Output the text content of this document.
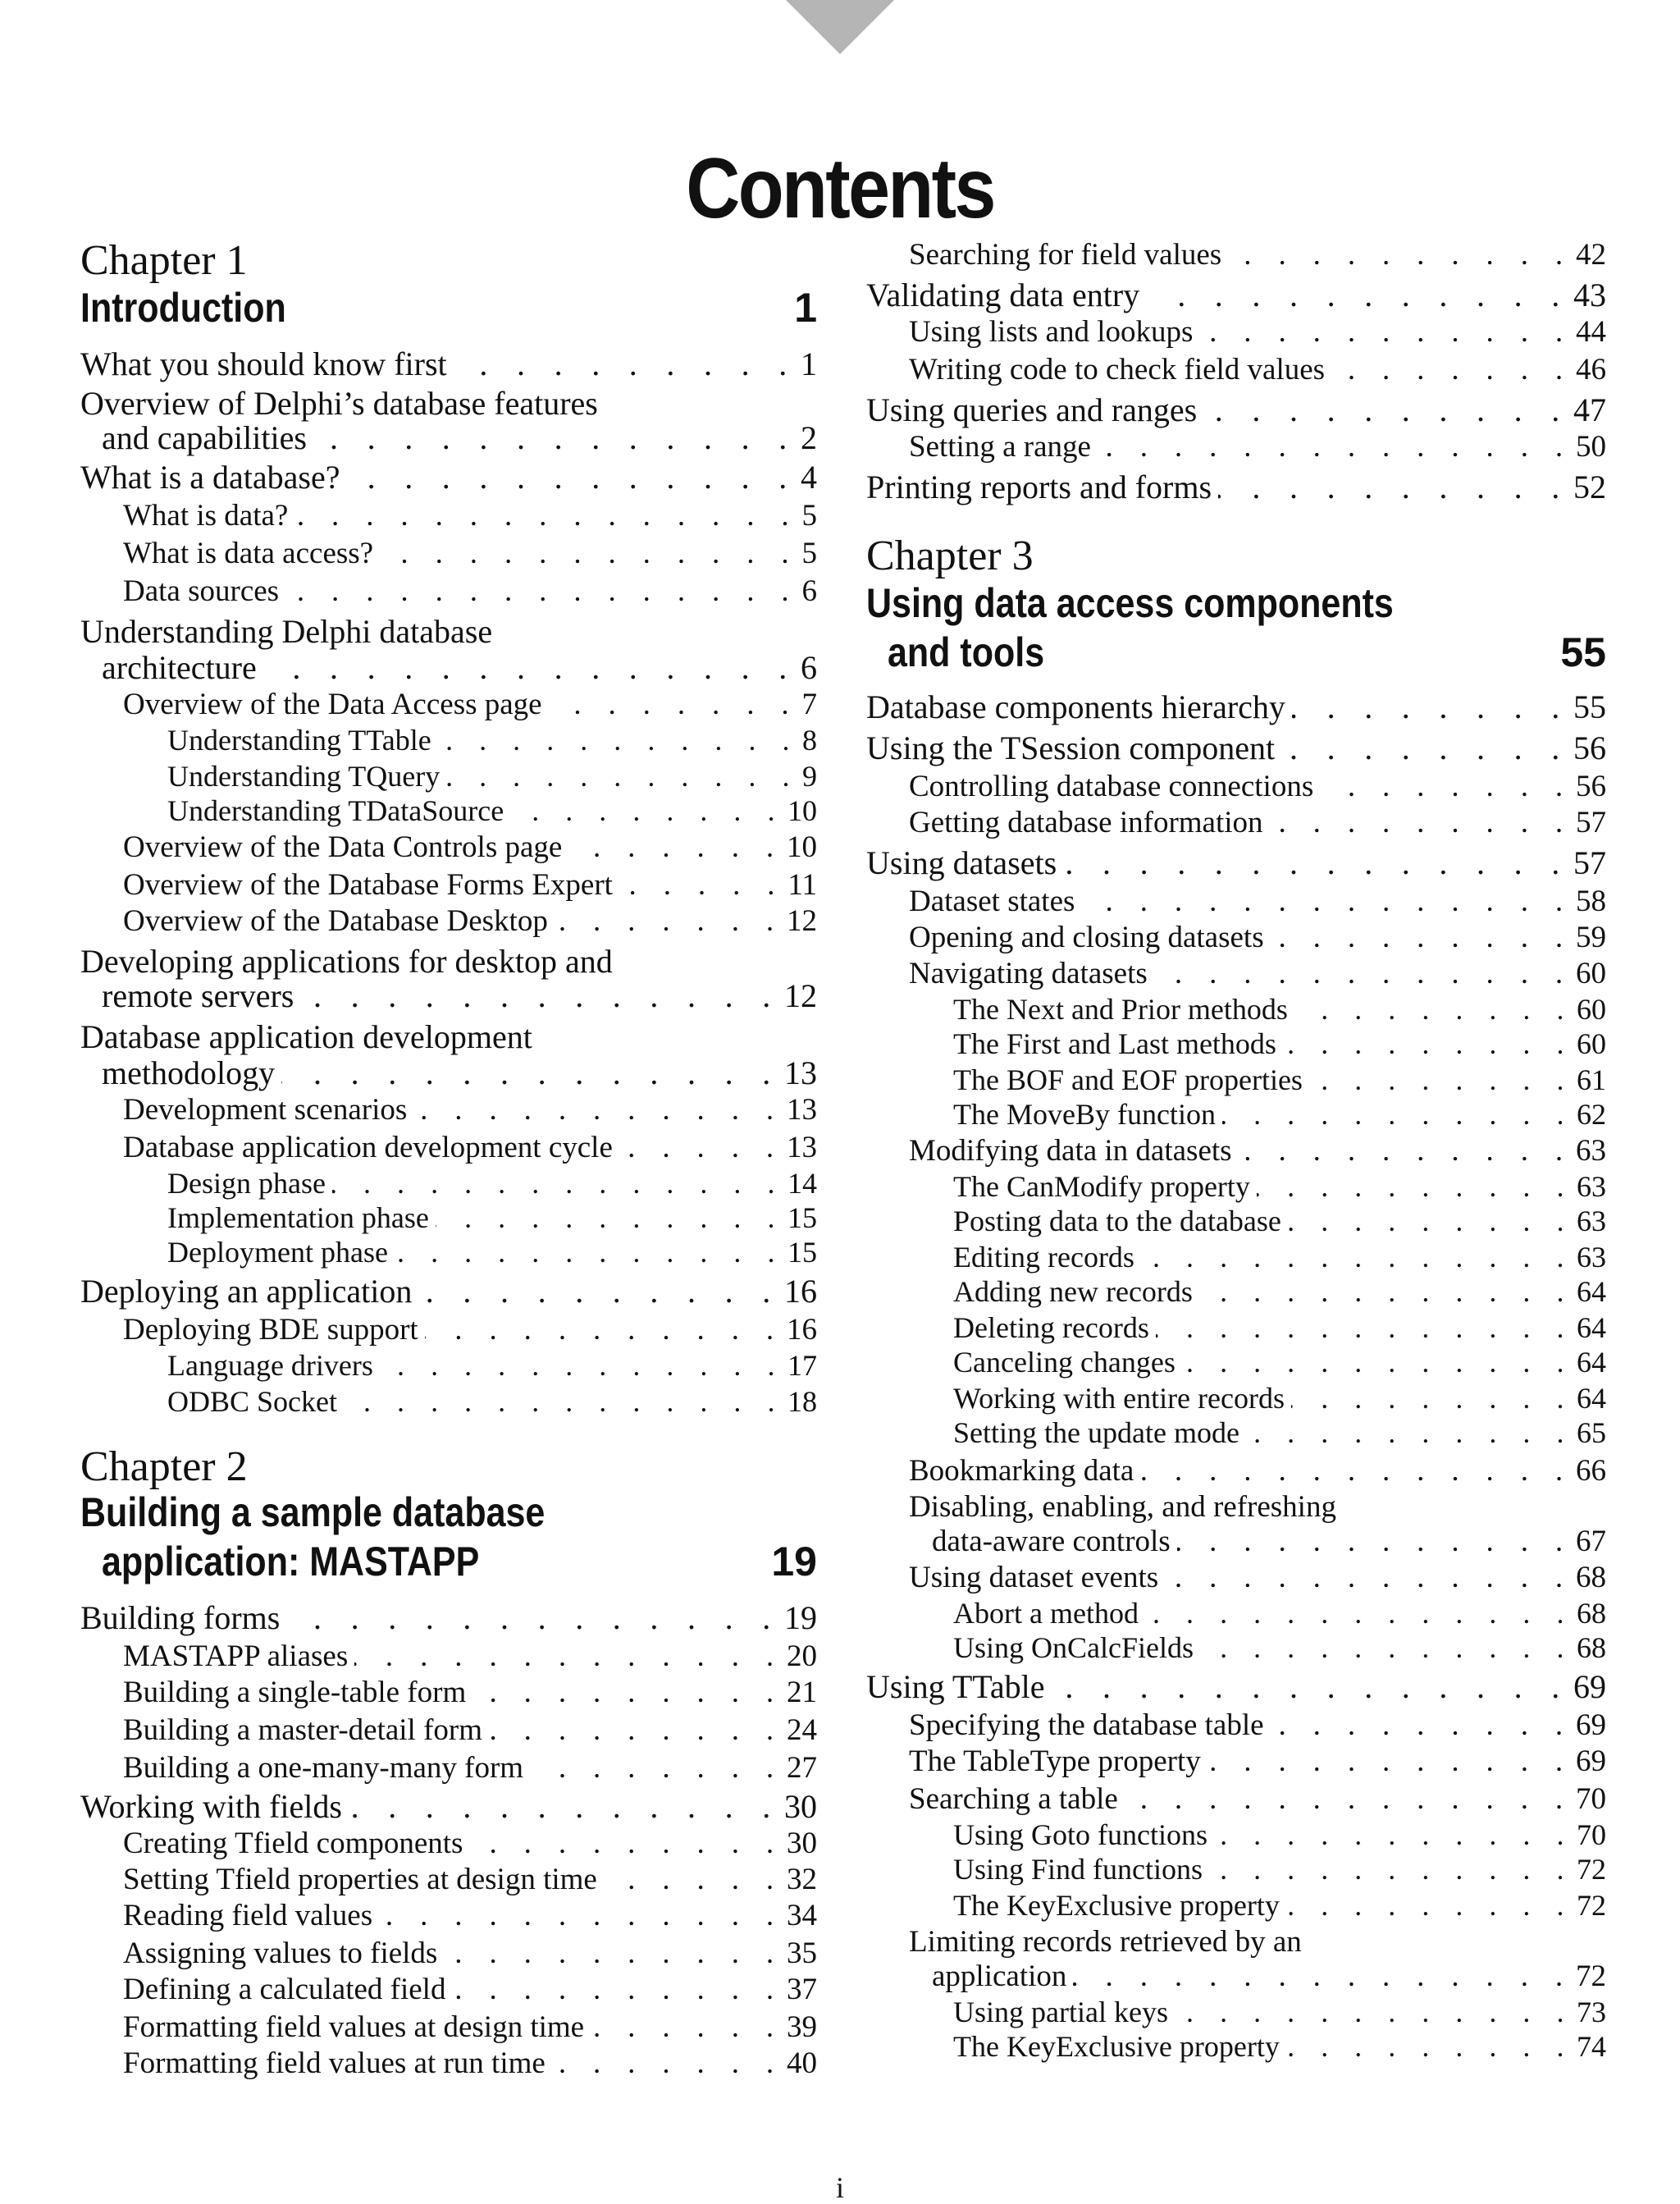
Contents
Chapter 1
Introduction	1
What you should know first . . .	1
Overview of Delphi’s database features
and capabilities . . .	2
What is a database? . . .	4
What is data? . . .	5
What is data access? . . .	5
Data sources . . .	6
Understanding Delphi database
architecture . . .	6
Overview of the Data Access page . . .	7
Understanding TTable . . .	8
Understanding TQuery . . .	9
Understanding TDataSource . . .	10
Overview of the Data Controls page . . .	10
Overview of the Database Forms Expert . . .	11
Overview of the Database Desktop . . .	12
Developing applications for desktop and
remote servers . . .	12
Database application development
methodology . . .	13
Development scenarios . . .	13
Database application development cycle . . .	13
Design phase . . .	14
Implementation phase . . .	15
Deployment phase . . .	15
Deploying an application . . .	16
Deploying BDE support . . .	16
Language drivers . . .	17
ODBC Socket . . .	18
Chapter 2
Building a sample database
application: MASTAPP	19
Building forms . . .	19
MASTAPP aliases . . .	20
Building a single-table form . . .	21
Building a master-detail form . . .	24
Building a one-many-many form . . .	27
Working with fields . . .	30
Creating Tfield components . . .	30
Setting Tfield properties at design time . . .	32
Reading field values . . .	34
Assigning values to fields . . .	35
Defining a calculated field . . .	37
Formatting field values at design time . . .	39
Formatting field values at run time . . .	40
Searching for field values . . .	42
Validating data entry . . .	43
Using lists and lookups . . .	44
Writing code to check field values . . .	46
Using queries and ranges . . .	47
Setting a range . . .	50
Printing reports and forms . . .	52
Chapter 3
Using data access components
and tools	55
Database components hierarchy . . .	55
Using the TSession component . . .	56
Controlling database connections . . .	56
Getting database information . . .	57
Using datasets . . .	57
Dataset states . . .	58
Opening and closing datasets . . .	59
Navigating datasets . . .	60
The Next and Prior methods . . .	60
The First and Last methods . . .	60
The BOF and EOF properties . . .	61
The MoveBy function . . .	62
Modifying data in datasets . . .	63
The CanModify property . . .	63
Posting data to the database . . .	63
Editing records . . .	63
Adding new records . . .	64
Deleting records . . .	64
Canceling changes . . .	64
Working with entire records . . .	64
Setting the update mode . . .	65
Bookmarking data . . .	66
Disabling, enabling, and refreshing
data-aware controls . . .	67
Using dataset events . . .	68
Abort a method . . .	68
Using OnCalcFields . . .	68
Using TTable . . .	69
Specifying the database table . . .	69
The TableType property . . .	69
Searching a table . . .	70
Using Goto functions . . .	70
Using Find functions . . .	72
The KeyExclusive property . . .	72
Limiting records retrieved by an
application . . .	72
Using partial keys . . .	73
The KeyExclusive property . . .	74
i
